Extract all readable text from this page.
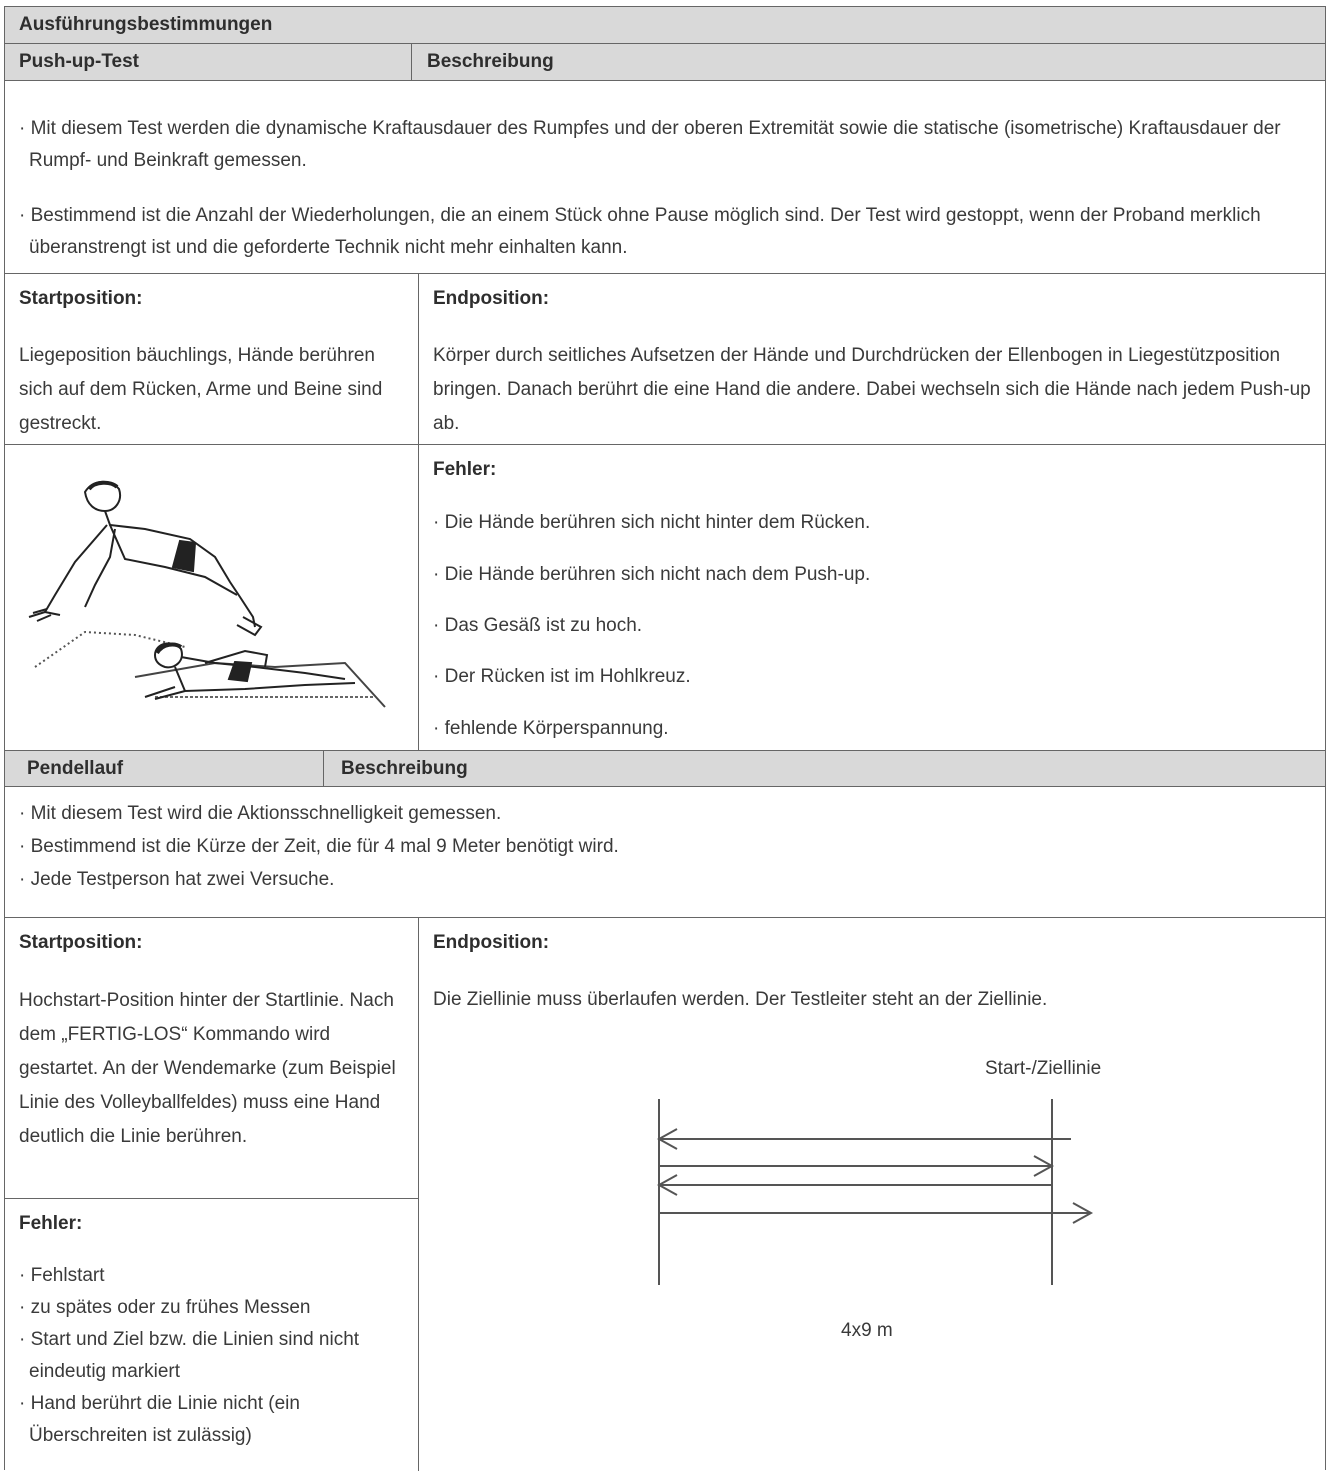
Ausführungsbestimmungen
Push-up-Test	Beschreibung
· Mit diesem Test werden die dynamische Kraftausdauer des Rumpfes und der oberen Extremität sowie die statische (isometrische) Kraftausdauer der Rumpf- und Beinkraft gemessen.
· Bestimmend ist die Anzahl der Wiederholungen, die an einem Stück ohne Pause möglich sind. Der Test wird gestoppt, wenn der Proband merklich überanstrengt ist und die geforderte Technik nicht mehr einhalten kann.
Startposition:
Liegeposition bäuchlings, Hände berühren sich auf dem Rücken, Arme und Beine sind gestreckt.
Endposition:
Körper durch seitliches Aufsetzen der Hände und Durchdrücken der Ellenbogen in Liegestützposition bringen. Danach berührt die eine Hand die andere. Dabei wechseln sich die Hände nach jedem Push-up ab.
Fehler:
· Die Hände berühren sich nicht hinter dem Rücken.
· Die Hände berühren sich nicht nach dem Push-up.
· Das Gesäß ist zu hoch.
· Der Rücken ist im Hohlkreuz.
· fehlende Körperspannung.
Pendellauf	Beschreibung
· Mit diesem Test wird die Aktionsschnelligkeit gemessen.
· Bestimmend ist die Kürze der Zeit, die für 4 mal 9 Meter benötigt wird.
· Jede Testperson hat zwei Versuche.
Startposition:
Hochstart-Position hinter der Startlinie. Nach dem „FERTIG-LOS“ Kommando wird gestartet. An der Wendemarke (zum Beispiel Linie des Volleyballfeldes) muss eine Hand deutlich die Linie berühren.
Fehler:
· Fehlstart
· zu spätes oder zu frühes Messen
· Start und Ziel bzw. die Linien sind nicht eindeutig markiert
· Hand berührt die Linie nicht (ein Überschreiten ist zulässig)
Endposition:
Die Ziellinie muss überlaufen werden. Der Testleiter steht an der Ziellinie.
Start-/Ziellinie
4x9 m
